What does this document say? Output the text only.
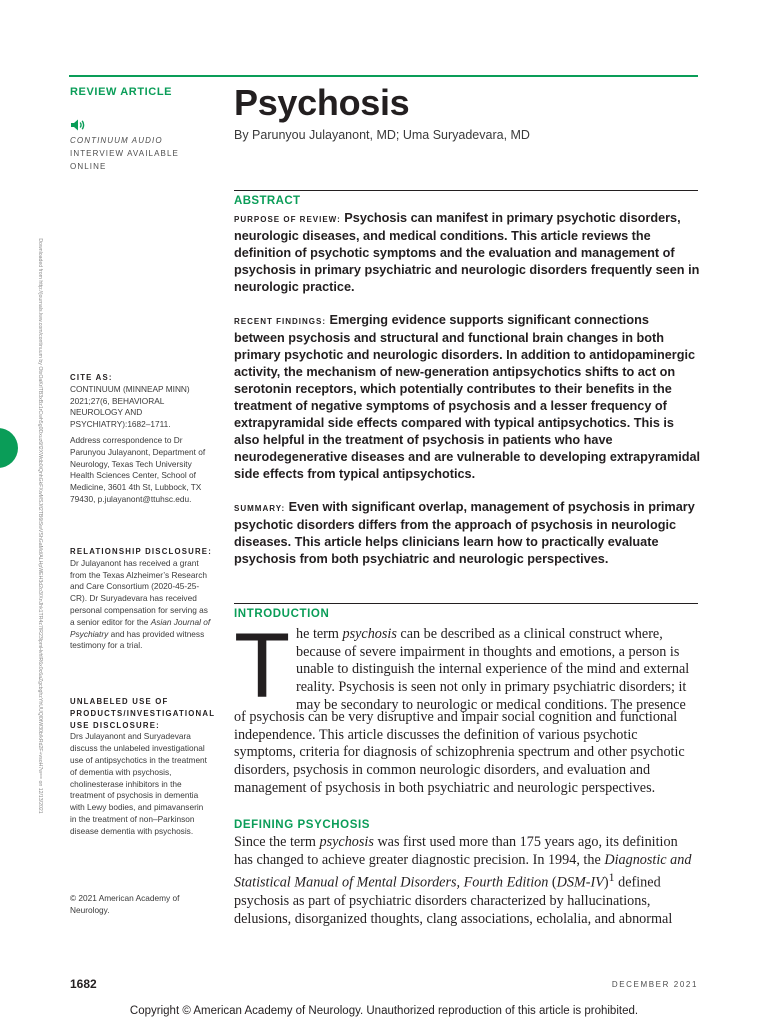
REVIEW ARTICLE
CONTINUUM AUDIO
INTERVIEW AVAILABLE
ONLINE
Psychosis
By Parunyou Julayanont, MD; Uma Suryadevara, MD
ABSTRACT

PURPOSE OF REVIEW: Psychosis can manifest in primary psychotic disorders, neurologic diseases, and medical conditions. This article reviews the definition of psychotic symptoms and the evaluation and management of psychosis in primary psychiatric and neurologic disorders frequently seen in neurologic practice.

RECENT FINDINGS: Emerging evidence supports significant connections between psychosis and structural and functional brain changes in both primary psychotic and neurologic disorders. In addition to antidopaminergic activity, the mechanism of new-generation antipsychotics shifts to act on serotonin receptors, which potentially contributes to their benefits in the treatment of negative symptoms of psychosis and a lesser frequency of extrapyramidal side effects compared with typical antipsychotics. This is also helpful in the treatment of psychosis in patients who have neurodegenerative diseases and are vulnerable to developing extrapyramidal side effects from typical antipsychotics.

SUMMARY: Even with significant overlap, management of psychosis in primary psychotic disorders differs from the approach of psychosis in neurologic diseases. This article helps clinicians learn how to practically evaluate psychosis from both psychiatric and neurologic perspectives.

INTRODUCTION
T he term psychosis can be described as a clinical construct where, because of severe impairment in thoughts and emotions, a person is unable to distinguish the internal experience of the mind and external reality. Psychosis is seen not only in primary psychiatric disorders; it may be secondary to neurologic or medical conditions. The presence

of psychosis can be very disruptive and impair social cognition and functional independence. This article discusses the definition of various psychotic symptoms, criteria for diagnosis of schizophrenia spectrum and other psychotic disorders, psychosis in common neurologic disorders, and evaluation and management of psychosis in both psychiatric and neurologic perspectives.

DEFINING PSYCHOSIS

Since the term psychosis was first used more than 175 years ago, its definition has changed to achieve greater diagnostic precision. In 1994, the Diagnostic and Statistical Manual of Mental Disorders, Fourth Edition $(DSM-IV)^1$ defined psychosis as part of psychiatric disorders characterized by hallucinations, delusions, disorganized thoughts, clang associations, echolalia, and abnormal

CITE AS:
CONTINUUM (MINNEAP MINN) 2021;27(6, BEHAVIORAL NEUROLOGY AND PSYCHIATRY):1682–1711.
Address correspondence to Dr Parunyou Julayanont, Department of Neurology, Texas Tech University Health Sciences Center, School of Medicine, 3601 4th St, Lubbock, TX 79430, p.julayanont@ttuhsc.edu.
RELATIONSHIP DISCLOSURE:
Dr Julayanont has received a grant from the Texas Alzheimer’s Research and Care Consortium (2020-45-25-CR). Dr Suryadevara has received personal compensation for serving as a senior editor for the Asian Journal of Psychiatry and has provided witness testimony for a trial.
UNLABELED USE OF PRODUCTS/INVESTIGATIONAL USE DISCLOSURE:
Drs Julayanont and Suryadevara discuss the unlabeled investigational use of antipsychotics in the treatment of dementia with psychosis, cholinesterase inhibitors in the treatment of psychosis in dementia with Lewy bodies, and pimavanserin in the treatment of non–Parkinson disease dementia with psychosis.
© 2021 American Academy of Neurology.
Downloaded from http://journals.lww.com/continuum by OtxOaKrlTB3xBz1rCwh5g0Dxuz6fl2XWdb0iQnhGkFXwMSJ/t2TB6tSwVShGaMd/ALHpWEH3d2o3/XnJhk1TR4z7IR23lpmHvhlR6x0c6aZgcbghzYhUUQl0tW30b/kRd2F+vsoH7w== on 12/13/2021
1682	DECEMBER 2021
Copyright © American Academy of Neurology. Unauthorized reproduction of this article is prohibited.
